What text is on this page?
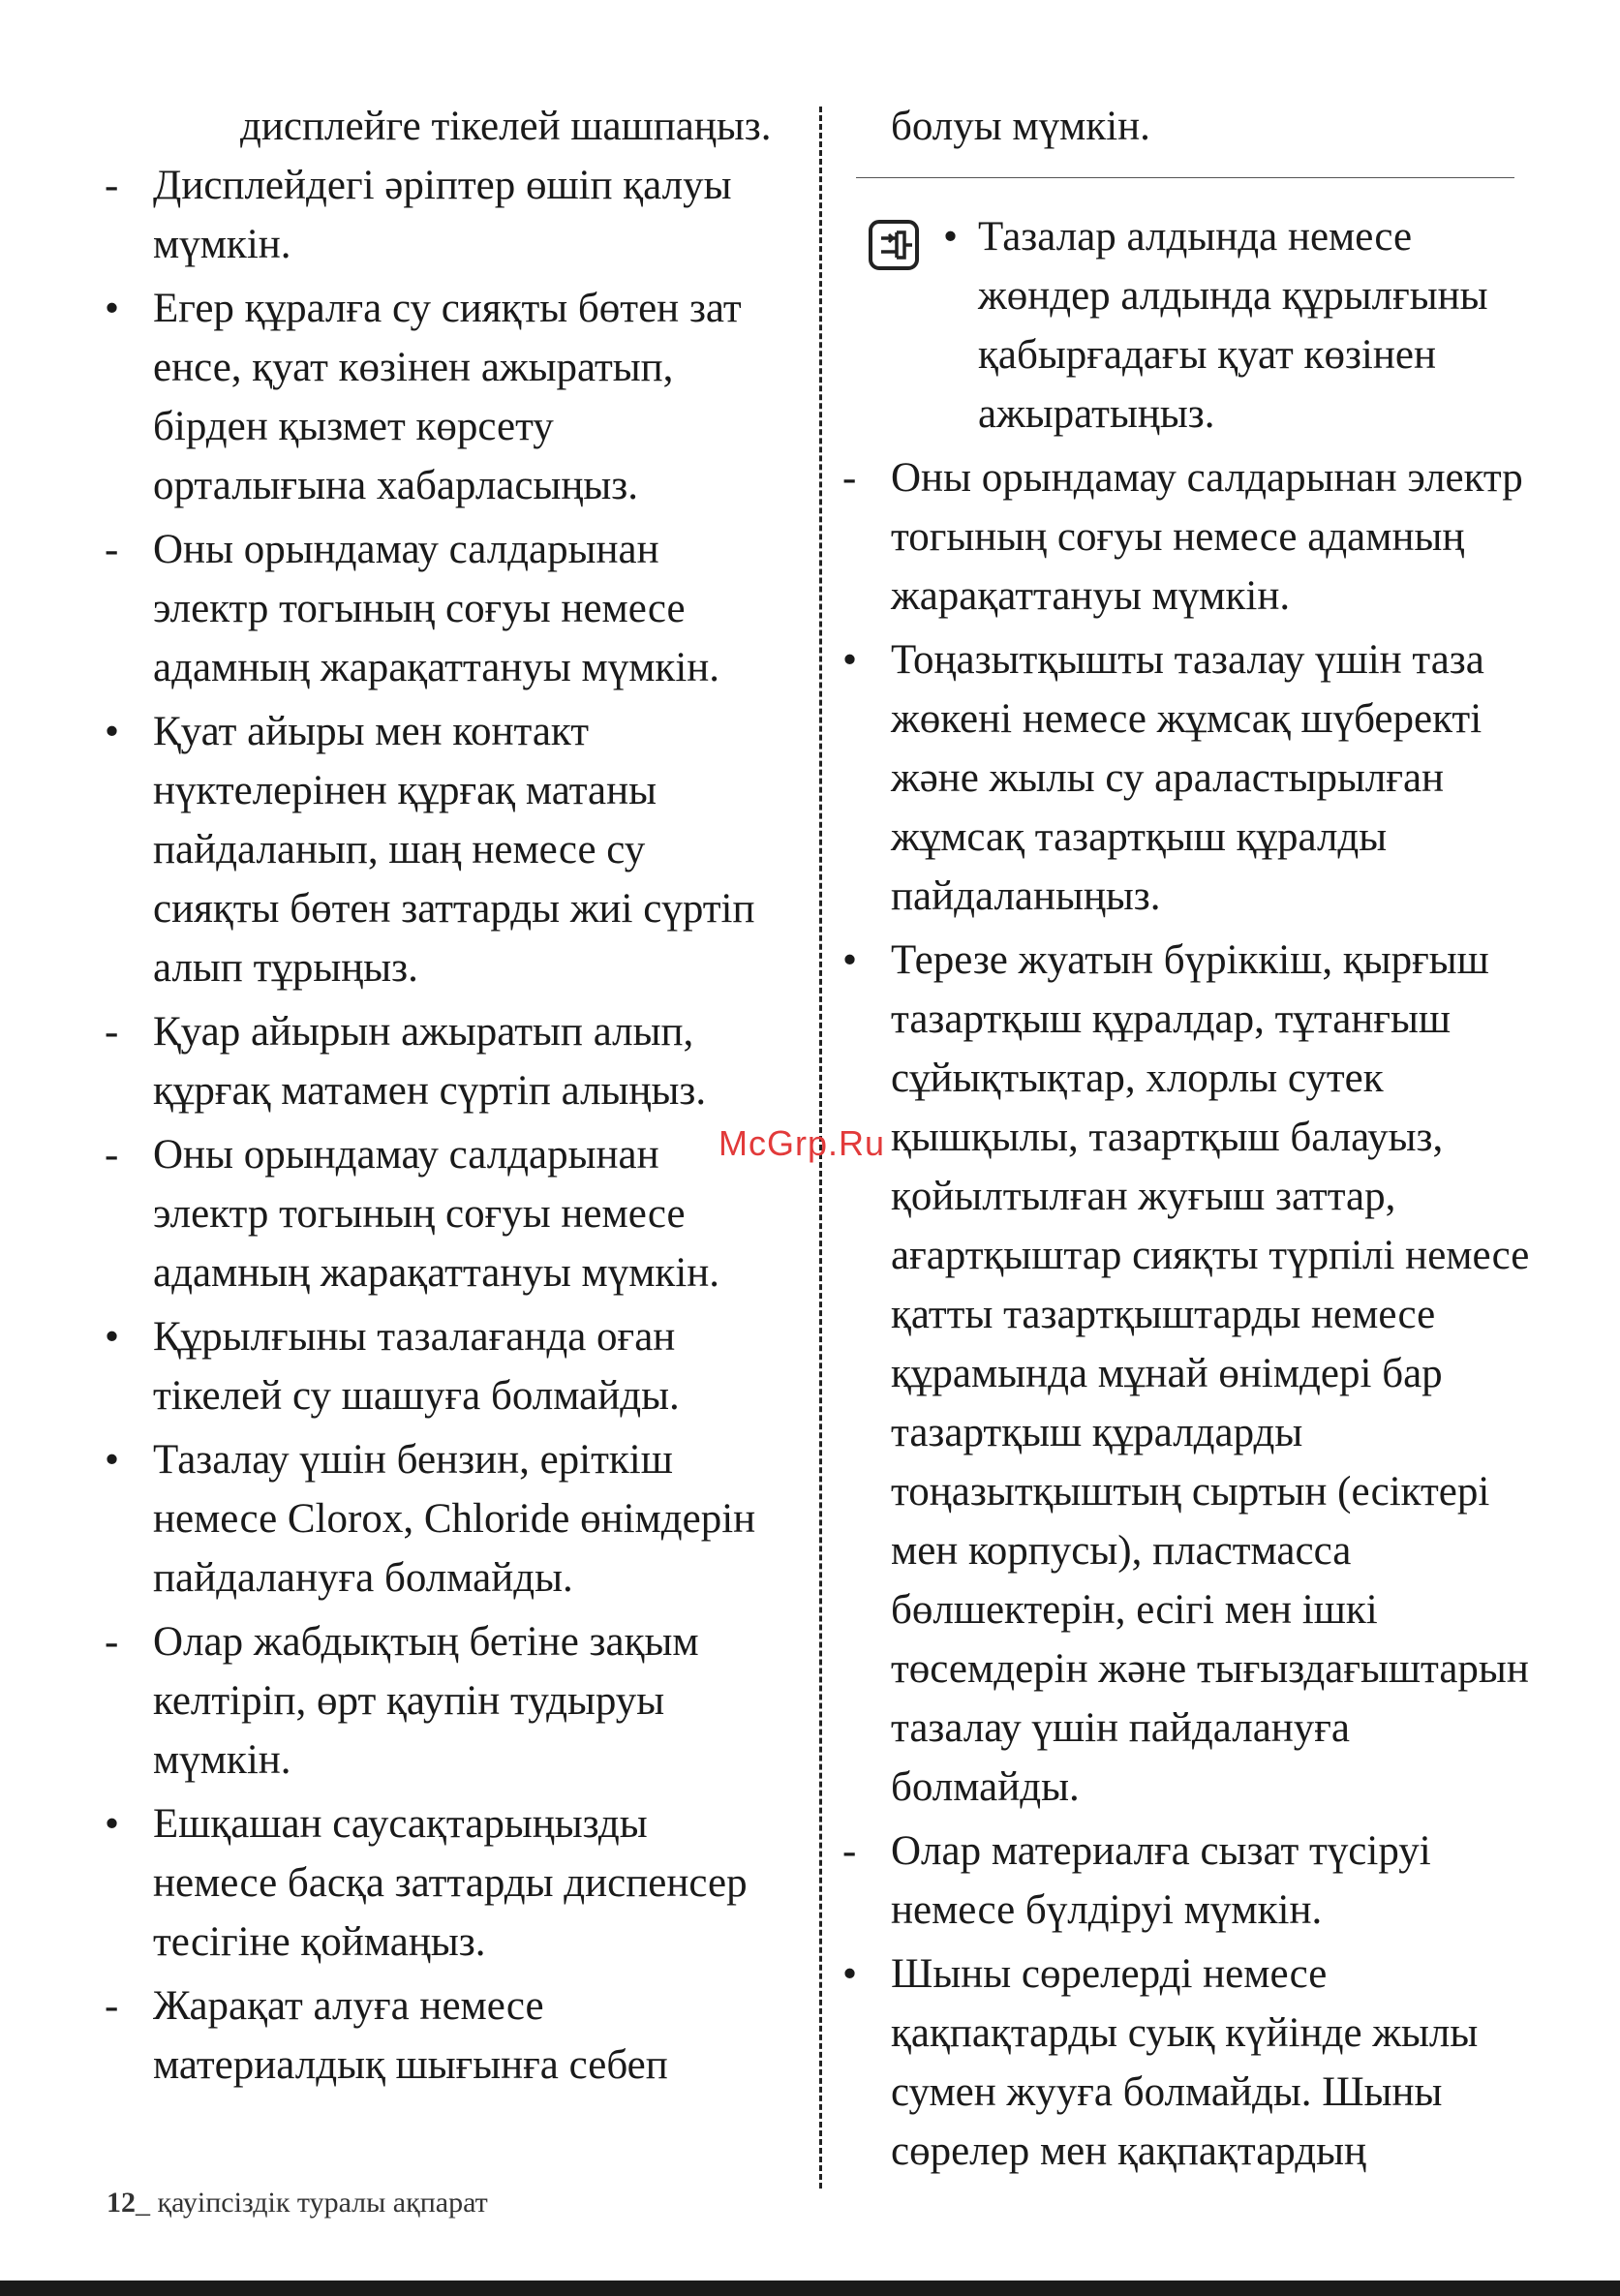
дисплейге тікелей шашпаңыз.
- Дисплейдегі әріптер өшіп қалуы мүмкін.
• Егер құралға су сияқты бөтен зат енсе, қуат көзінен ажыратып, бірден қызмет көрсету орталығына хабарласыңыз.
- Оны орындамау салдарынан электр тогының соғуы немесе адамның жарақаттануы мүмкін.
• Қуат айыры мен контакт нүктелерінен құрғақ матаны пайдаланып, шаң немесе су сияқты бөтен заттарды жиі сүртіп алып тұрыңыз.
- Қуар айырын ажыратып алып, құрғақ матамен сүртіп алыңыз.
- Оны орындамау салдарынан электр тогының соғуы немесе адамның жарақаттануы мүмкін.
• Құрылғыны тазалағанда оған тікелей су шашуға болмайды.
• Тазалау үшін бензин, еріткіш немесе Clorox, Chloride өнімдерін пайдалануға болмайды.
- Олар жабдықтың бетіне зақым келтіріп, өрт қаупін тудыруы мүмкін.
• Ешқашан саусақтарыңызды немесе басқа заттарды диспенсер тесігіне қоймаңыз.
- Жарақат алуға немесе материалдық шығынға себеп
болуы мүмкін.
• Тазалар алдында немесе жөндер алдында құрылғыны қабырғадағы қуат көзінен ажыратыңыз.
- Оны орындамау салдарынан электр тогының соғуы немесе адамның жарақаттануы мүмкін.
• Тоңазытқышты тазалау үшін таза жөкені немесе жұмсақ шүберекті және жылы су араластырылған жұмсақ тазартқыш құралды пайдаланыңыз.
• Терезе жуатын бүріккіш, қырғыш тазартқыш құралдар, тұтанғыш сұйықтықтар, хлорлы сутек қышқылы, тазартқыш балауыз, қойылтылған жуғыш заттар, ағартқыштар сияқты түрпілі немесе қатты тазартқыштарды немесе құрамында мұнай өнімдері бар тазартқыш құралдарды тоңазытқыштың сыртын (есіктері мен корпусы), пластмасса бөлшектерін, есігі мен ішкі төсемдерін және тығыздағыштарын тазалау үшін пайдалануға болмайды.
- Олар материалға сызат түсіруі немесе бүлдіруі мүмкін.
• Шыны сөрелерді немесе қақпақтарды суық күйінде жылы сумен жууға болмайды. Шыны сөрелер мен қақпақтардың
McGrp.Ru
12_ қауіпсіздік туралы ақпарат
